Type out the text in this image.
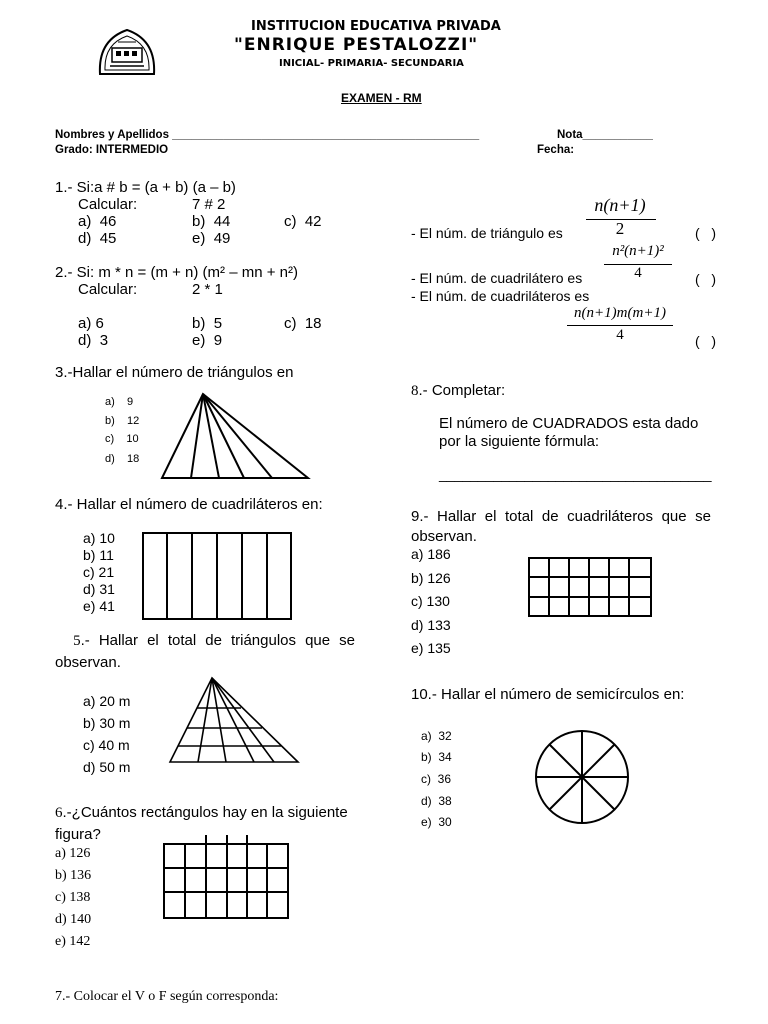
INSTITUCION EDUCATIVA PRIVADA
"ENRIQUE PESTALOZZI"
INICIAL- PRIMARIA- SECUNDARIA
EXAMEN - RM
Nombres y Apellidos ________________________________________________	Nota___________
Grado: INTERMEDIO	Fecha:
1.- Si:a # b = (a + b) (a – b)
Calcular:	7 # 2
a) 46	b) 44	c) 42
d) 45	e) 49
2.- Si: m * n = (m + n) (m² – mn + n²)
Calcular:	2 * 1
a) 6	b) 5	c) 18
d) 3	e) 9
3.-Hallar el número de triángulos en
a)    9
b)    12
c)    10
d)    18
4.- Hallar el número de cuadriláteros en:
a) 10
b) 11
c) 21
d) 31
e) 41
5.- Hallar el total de triángulos que se observan.
a) 20 m
b) 30 m
c) 40 m
d) 50 m
6.-¿Cuántos rectángulos hay en la siguiente figura?
a) 126
b) 136
c) 138
d) 140
e) 142
7.- Colocar el V o F según corresponda:
n(n+1)
2
- El núm. de triángulo es	(   )
n²(n+1)²
4
- El núm. de cuadrilátero es	(   )
- El núm. de cuadriláteros es
n(n+1)m(m+1)
4	(   )
8.- Completar:
El número de CUADRADOS esta dado por la siguiente fórmula:
___________________________________
9.- Hallar el total de cuadriláteros que se observan.
a) 186
b) 126
c) 130
d) 133
e) 135
10.- Hallar el número de semicírculos en:
a)  32
b)  34
c)  36
d)  38
e)  30
